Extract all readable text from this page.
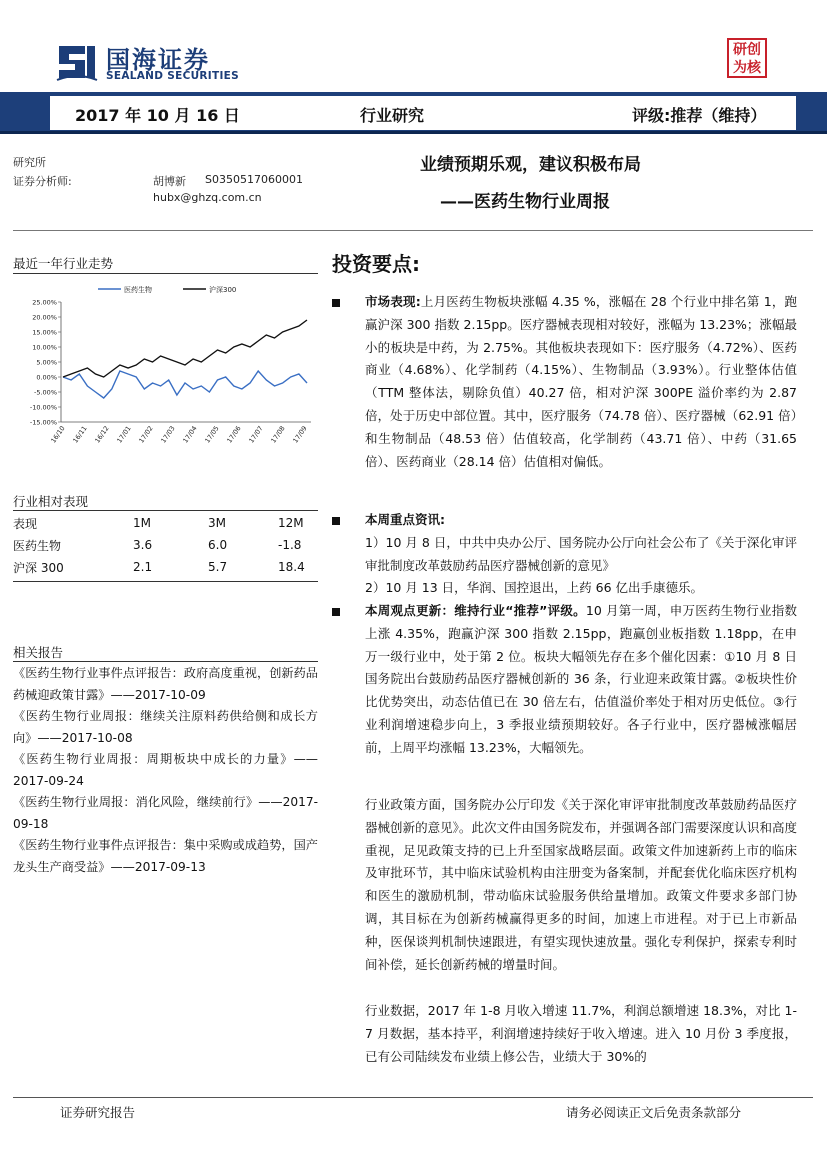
国海证券
SEALAND SECURITIES
研创
为核
2017 年 10 月 16 日	行业研究	评级:推荐（维持）
研究所
证券分析师:	胡博新 S0350517060001
hubx@ghzq.com.cn
业绩预期乐观，建议积极布局
——医药生物行业周报
最近一年行业走势
医药生物	沪深300
25.00%
20.00%
15.00%
10.00%
5.00%
0.00%
-5.00%
-10.00%
-15.00%
16/10 16/11 16/12 17/01 17/02 17/03 17/04 17/05 17/06 17/07 17/08 17/09
行业相对表现
表现	1M	3M	12M
医药生物	3.6	6.0	-1.8
沪深 300	2.1	5.7	18.4
相关报告
《医药生物行业事件点评报告：政府高度重视，创新药品药械迎政策甘露》——2017-10-09
《医药生物行业周报：继续关注原料药供给侧和成长方向》——2017-10-08
《医药生物行业周报：周期板块中成长的力量》——2017-09-24
《医药生物行业周报：消化风险，继续前行》——2017-09-18
《医药生物行业事件点评报告：集中采购或成趋势，国产龙头生产商受益》——2017-09-13
投资要点:
市场表现:上月医药生物板块涨幅 4.35 %，涨幅在 28 个行业中排名第 1，跑赢沪深 300 指数 2.15pp。医疗器械表现相对较好，涨幅为 13.23%；涨幅最小的板块是中药，为 2.75%。其他板块表现如下：医疗服务（4.72%）、医药商业（4.68%）、化学制药（4.15%）、生物制品（3.93%）。行业整体估值（TTM 整体法，剔除负值）40.27 倍，相对沪深 300PE 溢价率约为 2.87 倍，处于历史中部位置。其中，医疗服务（74.78 倍）、医疗器械（62.91 倍）和生物制品（48.53 倍）估值较高，化学制药（43.71 倍）、中药（31.65 倍）、医药商业（28.14 倍）估值相对偏低。
本周重点资讯:
1）10 月 8 日，中共中央办公厅、国务院办公厅向社会公布了《关于深化审评审批制度改革鼓励药品医疗器械创新的意见》
2）10 月 13 日，华润、国控退出，上药 66 亿出手康德乐。
本周观点更新：维持行业“推荐”评级。10 月第一周，申万医药生物行业指数上涨 4.35%，跑赢沪深 300 指数 2.15pp，跑赢创业板指数 1.18pp，在申万一级行业中，处于第 2 位。板块大幅领先存在多个催化因素：①10 月 8 日国务院出台鼓励药品医疗器械创新的 36 条，行业迎来政策甘露。②板块性价比优势突出，动态估值已在 30 倍左右，估值溢价率处于相对历史低位。③行业利润增速稳步向上，3 季报业绩预期较好。各子行业中，医疗器械涨幅居前，上周平均涨幅 13.23%，大幅领先。
行业政策方面，国务院办公厅印发《关于深化审评审批制度改革鼓励药品医疗器械创新的意见》。此次文件由国务院发布，并强调各部门需要深度认识和高度重视，足见政策支持的已上升至国家战略层面。政策文件加速新药上市的临床及审批环节，其中临床试验机构由注册变为备案制，并配套优化临床医疗机构和医生的激励机制，带动临床试验服务供给量增加。政策文件要求多部门协调，其目标在为创新药械赢得更多的时间，加速上市进程。对于已上市新品种，医保谈判机制快速跟进，有望实现快速放量。强化专利保护，探索专利时间补偿，延长创新药械的增量时间。
行业数据，2017 年 1-8 月收入增速 11.7%，利润总额增速 18.3%，对比 1-7 月数据，基本持平，利润增速持续好于收入增速。进入 10 月份 3 季度报，已有公司陆续发布业绩上修公告，业绩大于 30%的
证券研究报告	请务必阅读正文后免责条款部分
